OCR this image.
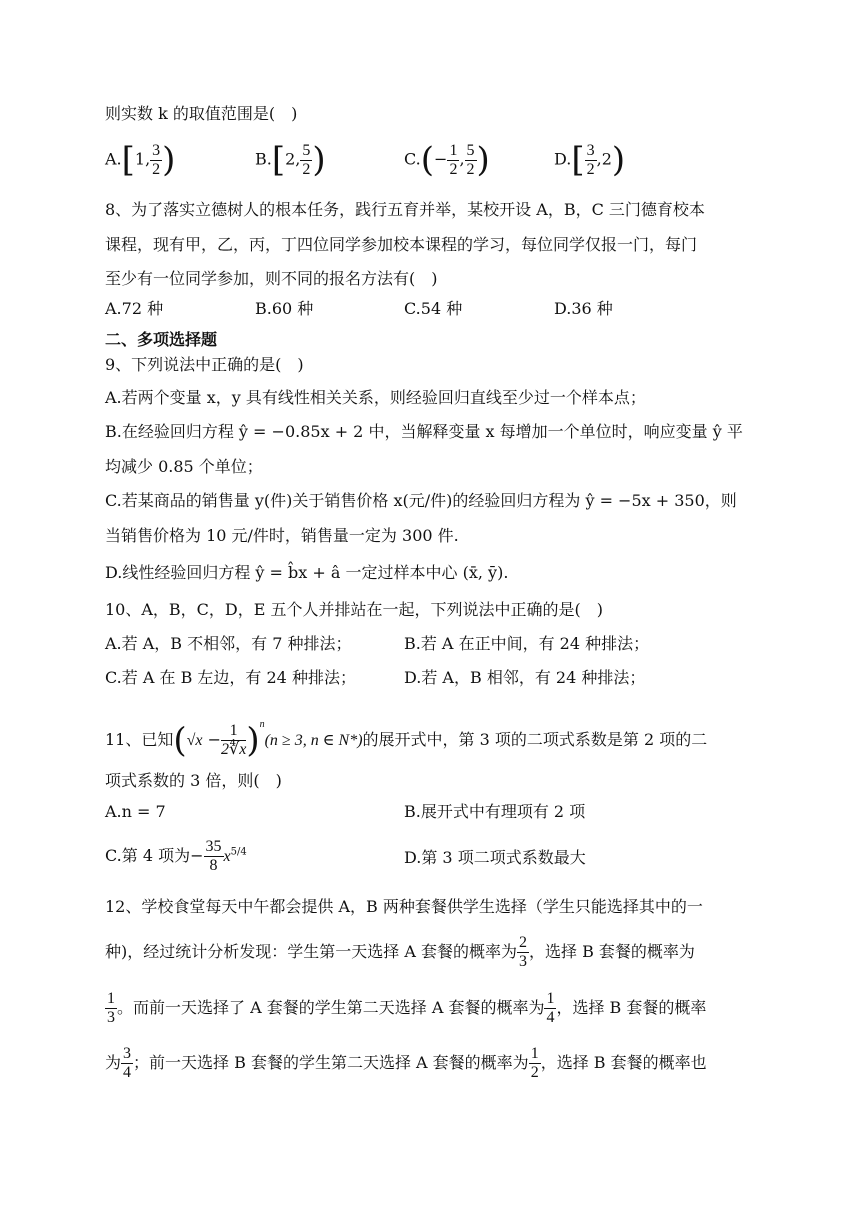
则实数 k 的取值范围是(　)
A.[1, $\frac{3}{2}$ )	B.[2, $\frac{5}{2}$ )	$C.(- \frac{1}{2}$ , $\frac{5}{2}$ )	$D.[ \frac{3}{2} ,2)$
8、为了落实立德树人的根本任务，践行五育并举，某校开设 A，B，C 三门德育校本
课程，现有甲，乙，丙，丁四位同学参加校本课程的学习，每位同学仅报一门，每门
至少有一位同学参加，则不同的报名方法有(　)
A.72 种	B.60 种	C.54 种	D.36 种
二、多项选择题
9、下列说法中正确的是(　)
A.若两个变量 x，y 具有线性相关关系，则经验回归直线至少过一个样本点；
B.在经验回归方程 ŷ = −0.85x + 2 中，当解释变量 x 每增加一个单位时，响应变量 ŷ 平
均减少 0.85 个单位；
C.若某商品的销售量 y(件)关于销售价格 x(元/件)的经验回归方程为 ŷ = −5x + 350，则
当销售价格为 10 元/件时，销售量一定为 300 件.
D.线性经验回归方程 ŷ = b̂x + â 一定过样本中心 (x̄, ȳ).
10、A，B，C，D，E 五个人并排站在一起，下列说法中正确的是(　)
A.若 A，B 不相邻，有 7 种排法；	B.若 A 在正中间，有 24 种排法；
C.若 A 在 B 左边，有 24 种排法；	D.若 A，B 相邻，有 24 种排法；
11、已知$(√x - \frac{1}{2∜x} )^n(n \ge 3$, n ∈ N*)的展开式中，第 3 项的二项式系数是第 2 项的二
项式系数的 3 倍，则(　)
A.n = 7	B.展开式中有理项有 2 项
C.第 4 项为− $\frac{35}{8} x^{5/4}$	D.第 3 项二项式系数最大
12、学校食堂每天中午都会提供 A，B 两种套餐供学生选择（学生只能选择其中的一
种)，经过统计分析发现：学生第一天选择 A 套餐的概率为 $\frac{2}{3}$ ，选择 B 套餐的概率为
$\frac{1}{3}$ 。而前一天选择了 A 套餐的学生第二天选择 A 套餐的概率为 $\frac{1}{4}$ ，选择 B 套餐的概率
为 $\frac{3}{4}$ ；前一天选择 B 套餐的学生第二天选择 A 套餐的概率为 $\frac{1}{2}$ ，选择 B 套餐的概率也
